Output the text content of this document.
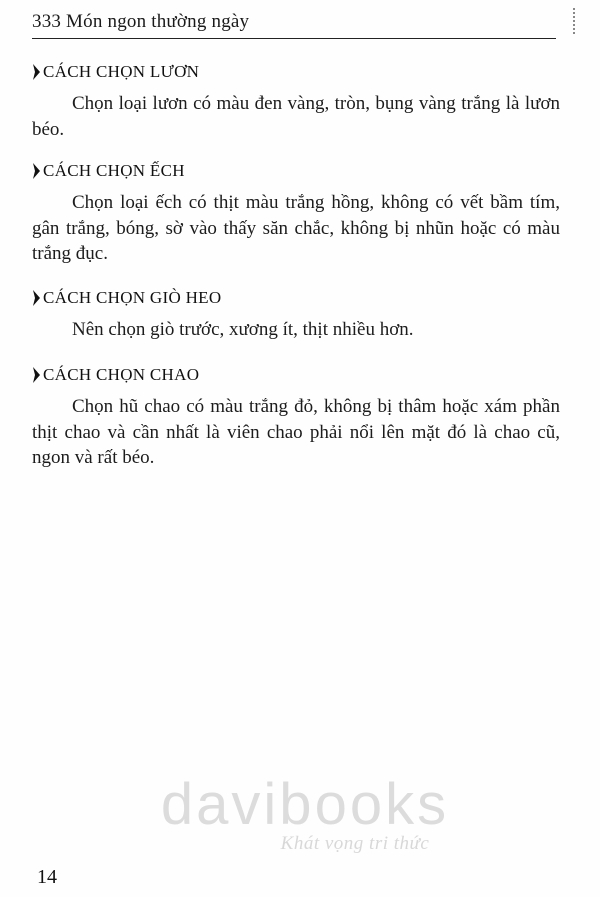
333 Món ngon thường ngày
CÁCH CHỌN LƯƠN
Chọn loại lươn có màu đen vàng, tròn, bụng vàng trắng là lươn béo.
CÁCH CHỌN ẾCH
Chọn loại ếch có thịt màu trắng hồng, không có vết bầm tím, gân trắng, bóng, sờ vào thấy săn chắc, không bị nhũn hoặc có màu trắng đục.
CÁCH CHỌN GIÒ HEO
Nên chọn giò trước, xương ít, thịt nhiều hơn.
CÁCH CHỌN CHAO
Chọn hũ chao có màu trắng đỏ, không bị thâm hoặc xám phần thịt chao và cần nhất là viên chao phải nổi lên mặt đó là chao cũ, ngon và rất béo.
davibooks
Khát vọng tri thức
14
